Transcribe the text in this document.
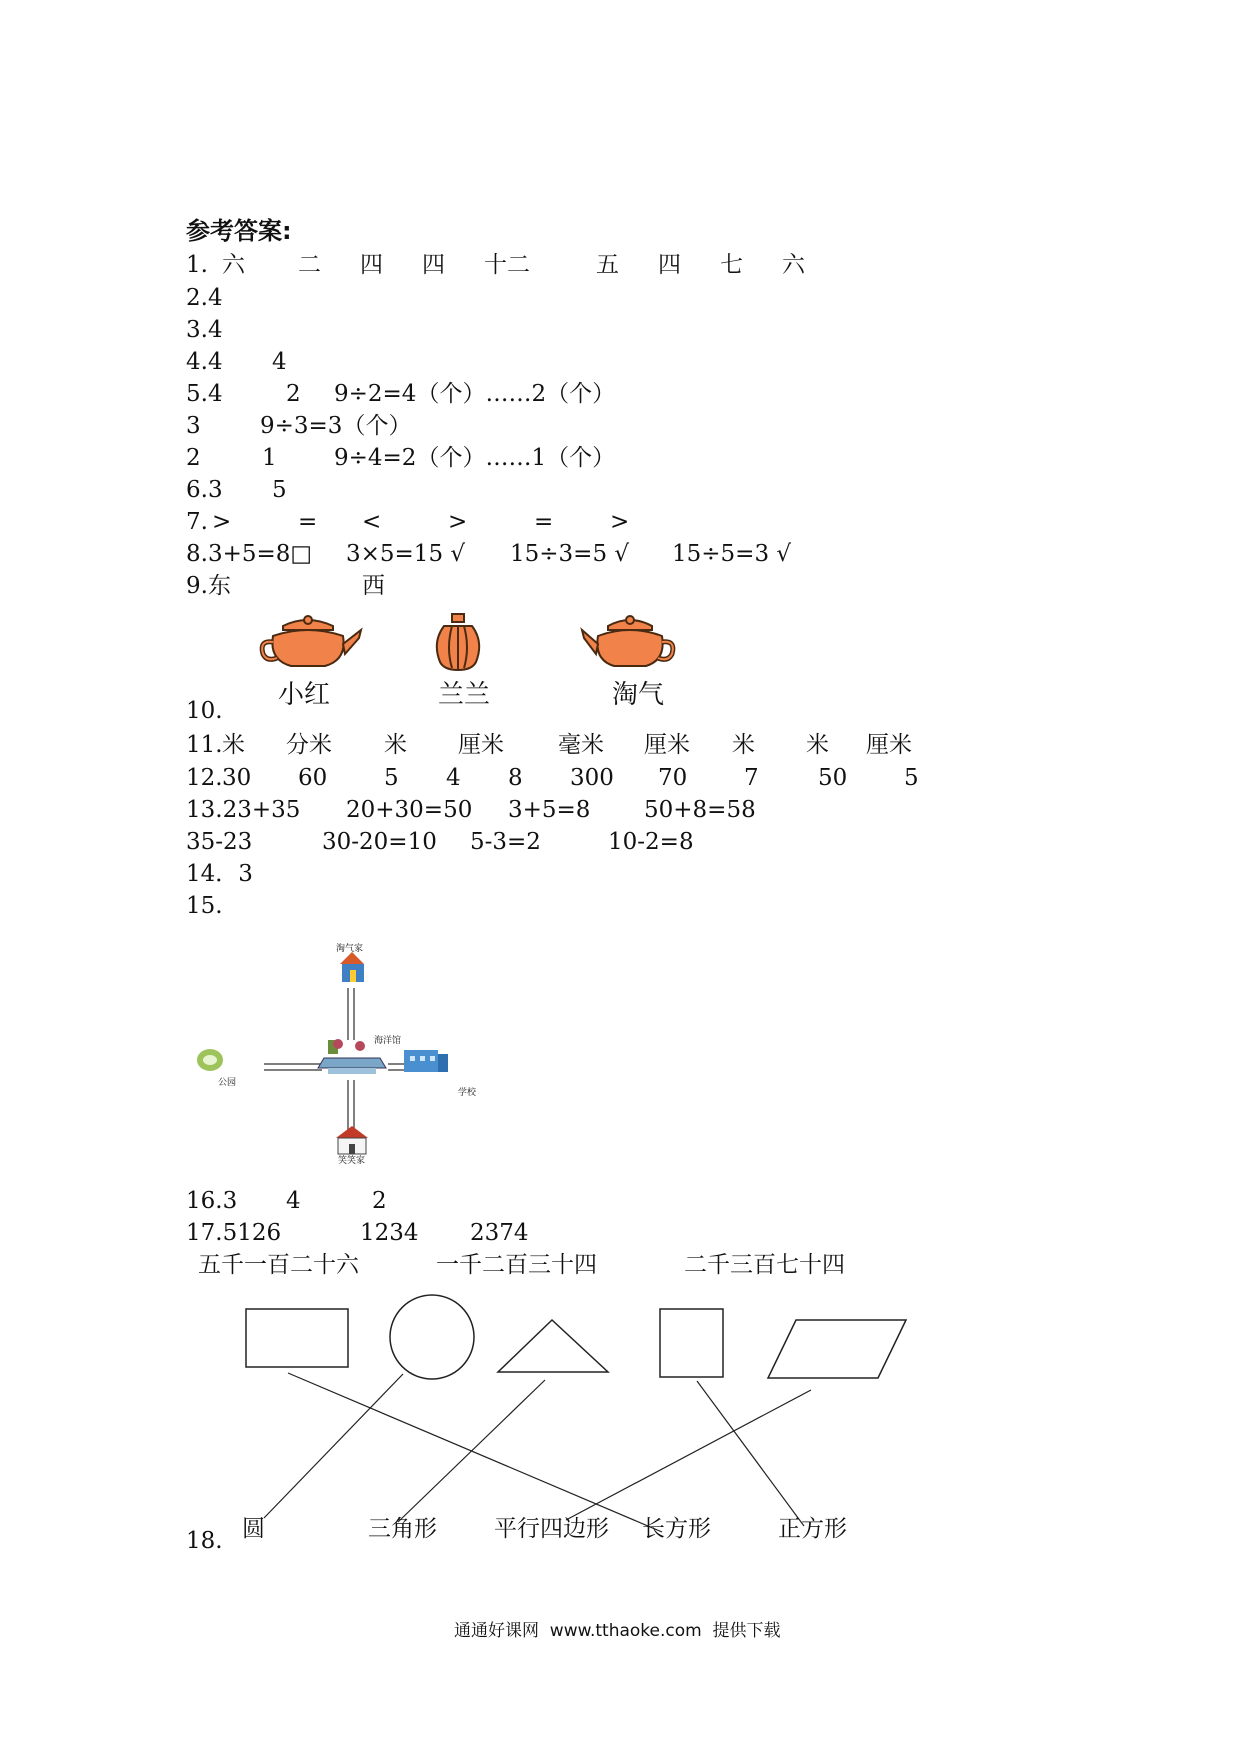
参考答案:
1. 六 二 四 四 十二	五 四 七 六
2.4
3.4
4.4 4
5.4	2 9÷2=4（个）……2（个）
3	9÷3=3（个）
2	1 9÷4=2（个）……1（个）
6.3 5
7. >	= <	>	= >
8.3+5=8□ 3×5=15 √ 15÷3=5 √ 15÷5=3 √
9.东	西
10.
小红	兰兰	淘气
11. 米 分米 米 厘米 毫米 厘米 米 米 厘米
12. 30 60 5 4 8 300 70 7	50 5
13.23+35 20+30=50 3+5=8 50+8=58
35-23	30-20=10 5-3=2	10-2=8
14．3
15.
淘气家
海洋馆
公园
学校
笑笑家
16.3 4	2
17.5126	1234 2374
五千一百二十六	一千二百三十四	二千三百七十四
18. 圆	三角形 平行四边形 长方形	正方形
通通好课网  www.tthaoke.com  提供下载
